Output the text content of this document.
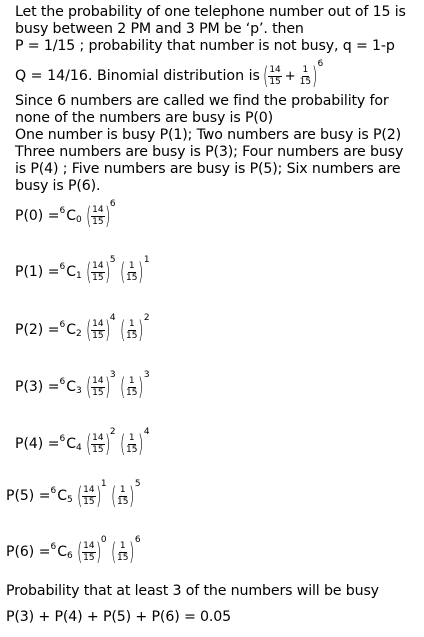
Let the probability of one telephone number out of 15 is
busy between 2 PM and 3 PM be ‘p’. then
P = 1/15 ; probability that number is not busy, q = 1-p
Q = 14/16. Binomial distribution is ( $\frac{14}{15} + \frac{1}{15}$ ) 6
Since 6 numbers are called we find the probability for
none of the numbers are busy is P(0)
One number is busy P(1); Two numbers are busy is P(2)
Three numbers are busy is P(3); Four numbers are busy
is P(4) ; Five numbers are busy is P(5); Six numbers are
busy is P(6).
P(0) = 6 C 0 ( $\frac{14}{15}$ ) 6
P(1) = 6 C 1 ( $\frac{14}{15}$ ) 5 ( $\frac{1}{15}$ ) 1
P(2) = 6 C 2 ( $\frac{14}{15}$ ) 4 ( $\frac{1}{15}$ ) 2
P(3) = 6 C 3 ( $\frac{14}{15}$ ) 3 ( $\frac{1}{15}$ ) 3
P(4) = 6 C 4 ( $\frac{14}{15}$ ) 2 ( $\frac{1}{15}$ ) 4
P(5) = 6 C 5 ( $\frac{14}{15}$ ) 1 ( $\frac{1}{15}$ ) 5
P(6) = 6 C 6 ( $\frac{14}{15}$ ) 0 ( $\frac{1}{15}$ ) 6
Probability that at least 3 of the numbers will be busy
P(3) + P(4) + P(5) + P(6) = 0.05
